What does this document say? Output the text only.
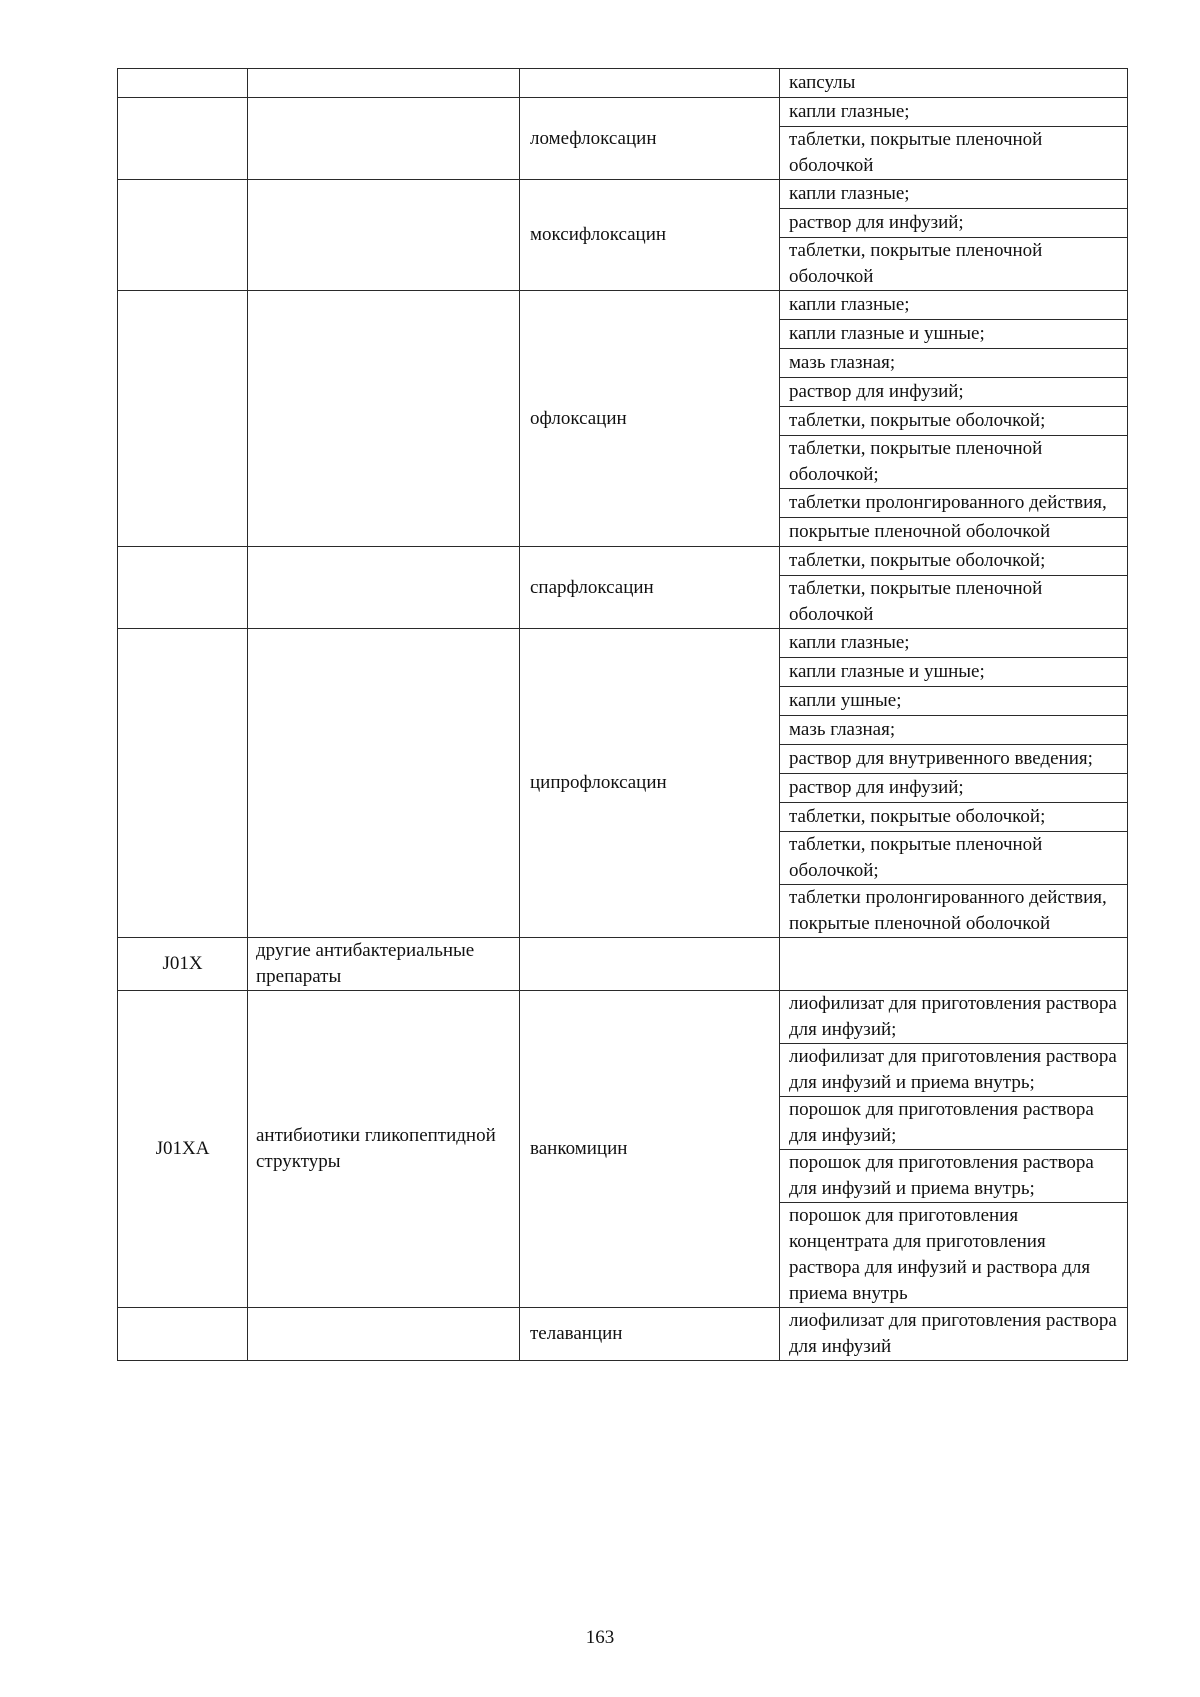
			капсулы
		ломефлоксацин	капли глазные;
			таблетки, покрытые пленочной оболочкой
		моксифлоксацин	капли глазные;
			раствор для инфузий;
			таблетки, покрытые пленочной оболочкой
		офлоксацин	капли глазные;
			капли глазные и ушные;
			мазь глазная;
			раствор для инфузий;
			таблетки, покрытые оболочкой;
			таблетки, покрытые пленочной оболочкой;
			таблетки пролонгированного действия,
			покрытые пленочной оболочкой
		спарфлоксацин	таблетки, покрытые оболочкой;
			таблетки, покрытые пленочной оболочкой
		ципрофлоксацин	капли глазные;
			капли глазные и ушные;
			капли ушные;
			мазь глазная;
			раствор для внутривенного введения;
			раствор для инфузий;
			таблетки, покрытые оболочкой;
			таблетки, покрытые пленочной оболочкой;
			таблетки пролонгированного действия, покрытые пленочной оболочкой
J01X	другие антибактериальные препараты		
J01XA	антибиотики гликопептидной структуры	ванкомицин	лиофилизат для приготовления раствора для инфузий;
			лиофилизат для приготовления раствора для инфузий и приема внутрь;
			порошок для приготовления раствора для инфузий;
			порошок для приготовления раствора для инфузий и приема внутрь;
			порошок для приготовления концентрата для приготовления раствора для инфузий и раствора для приема внутрь
		телаванцин	лиофилизат для приготовления раствора для инфузий
163
